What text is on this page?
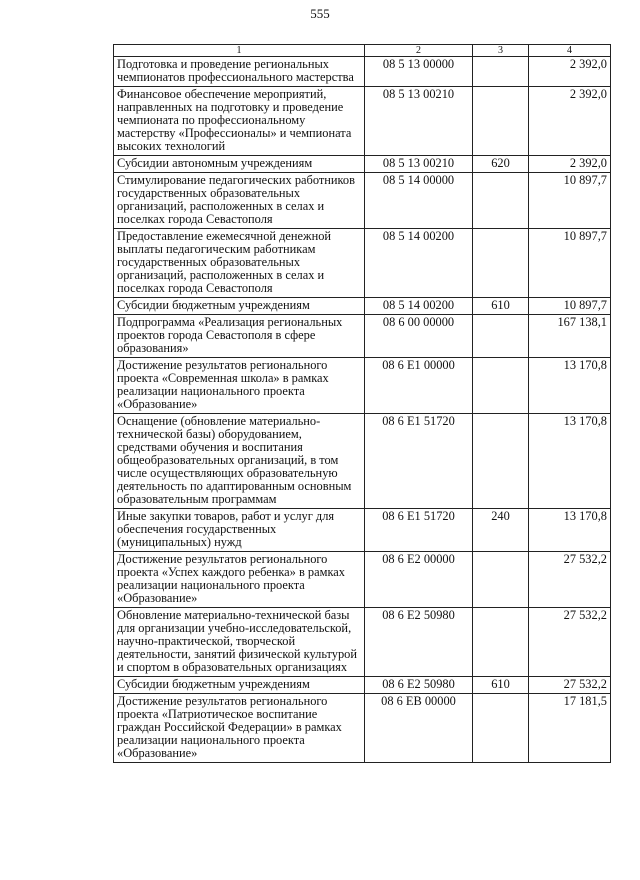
555
1	2	3	4
Подготовка и проведение региональных чемпионатов профессионального мастерства	08 5 13 00000		2 392,0
Финансовое обеспечение мероприятий, направленных на подготовку и проведение чемпионата по профессиональному мастерству «Профессионалы» и чемпионата высоких технологий	08 5 13 00210		2 392,0
Субсидии автономным учреждениям	08 5 13 00210	620	2 392,0
Стимулирование педагогических работников государственных образовательных организаций, расположенных в селах и поселках города Севастополя	08 5 14 00000		10 897,7
Предоставление ежемесячной денежной выплаты педагогическим работникам государственных образовательных организаций, расположенных в селах и поселках города Севастополя	08 5 14 00200		10 897,7
Субсидии бюджетным учреждениям	08 5 14 00200	610	10 897,7
Подпрограмма «Реализация региональных проектов города Севастополя в сфере образования»	08 6 00 00000		167 138,1
Достижение результатов регионального проекта «Современная школа» в рамках реализации национального проекта «Образование»	08 6 E1 00000		13 170,8
Оснащение (обновление материально-технической базы) оборудованием, средствами обучения и воспитания общеобразовательных организаций, в том числе осуществляющих образовательную деятельность по адаптированным основным образовательным программам	08 6 E1 51720		13 170,8
Иные закупки товаров, работ и услуг для обеспечения государственных (муниципальных) нужд	08 6 E1 51720	240	13 170,8
Достижение результатов регионального проекта «Успех каждого ребенка» в рамках реализации национального проекта «Образование»	08 6 E2 00000		27 532,2
Обновление материально-технической базы для организации учебно-исследовательской, научно-практической, творческой деятельности, занятий физической культурой и спортом в образовательных организациях	08 6 E2 50980		27 532,2
Субсидии бюджетным учреждениям	08 6 E2 50980	610	27 532,2
Достижение результатов регионального проекта «Патриотическое воспитание граждан Российской Федерации» в рамках реализации национального проекта «Образование»	08 6 EB 00000		17 181,5
